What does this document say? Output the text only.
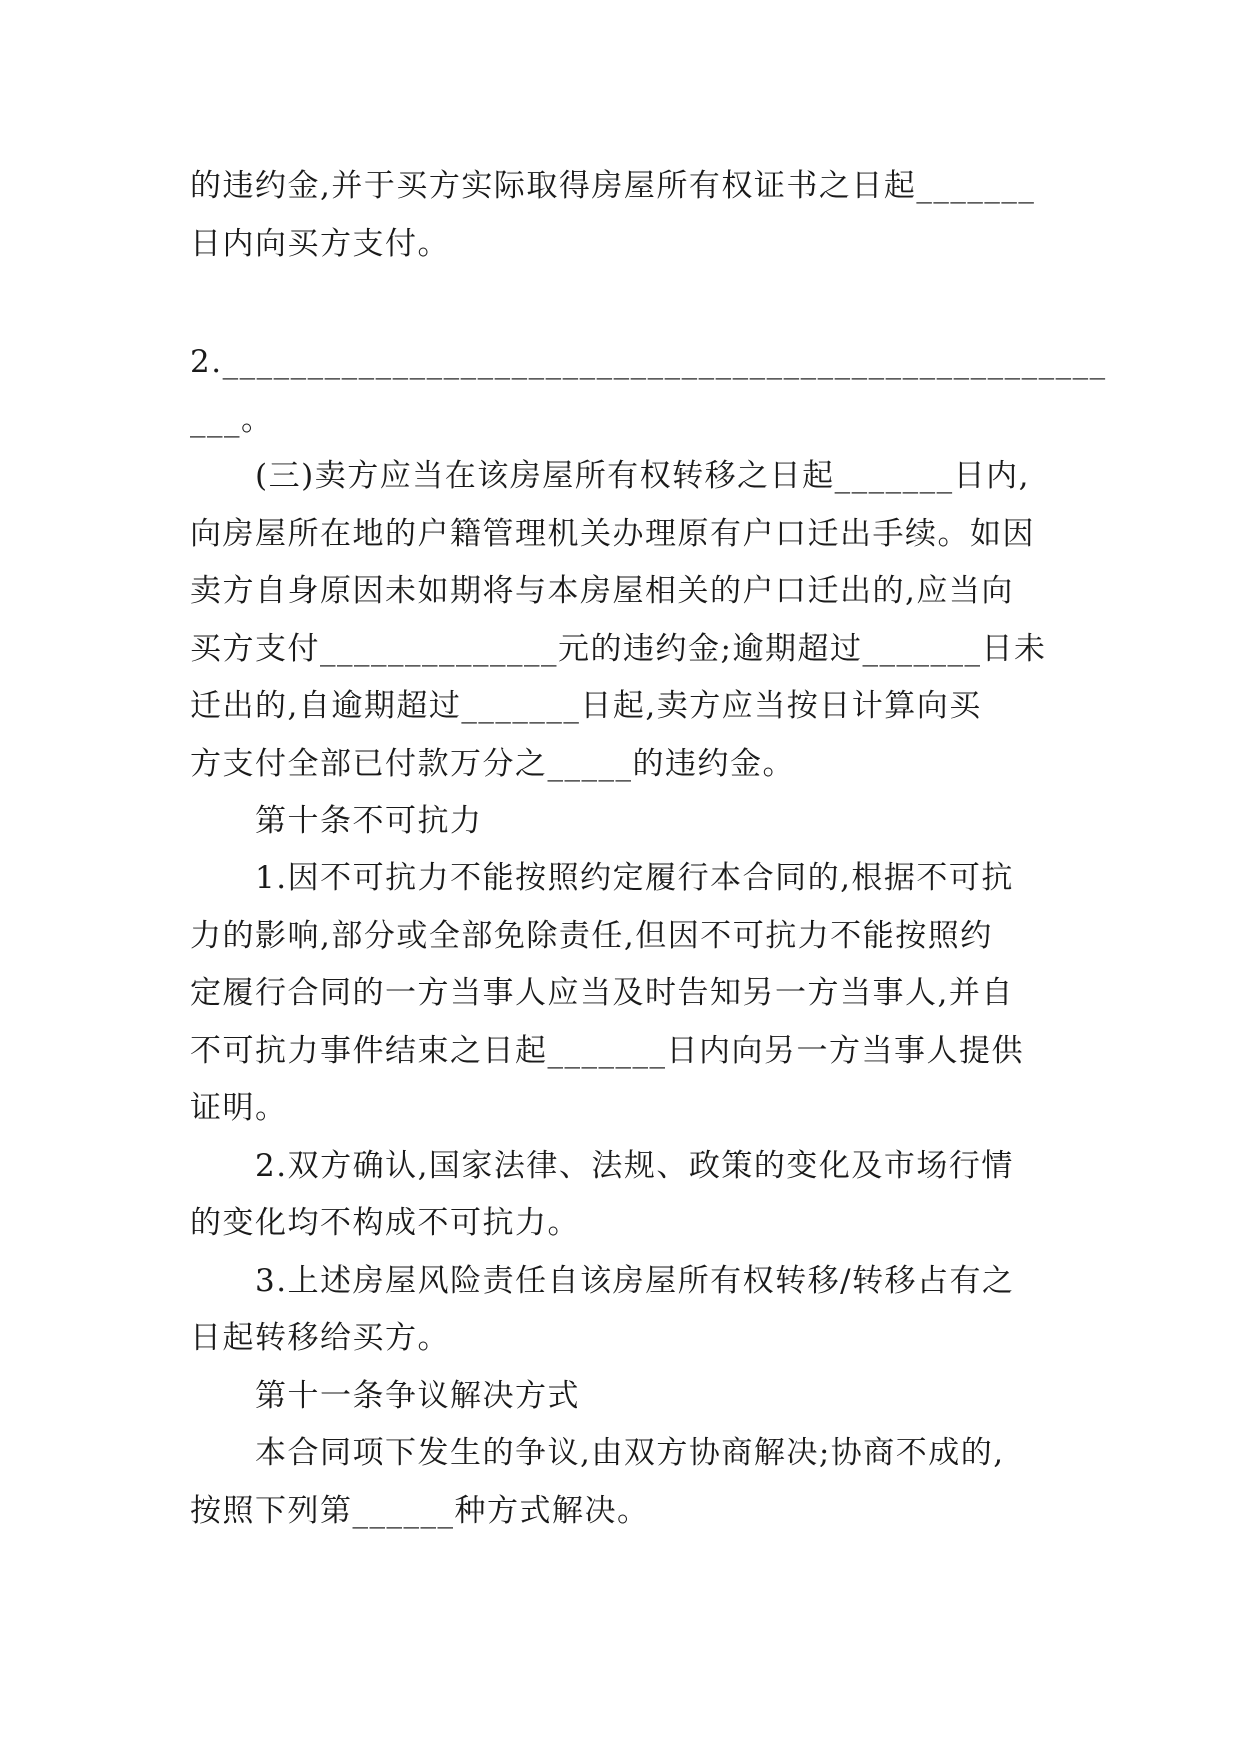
的违约金,并于买方实际取得房屋所有权证书之日起_______
日内向买方支付。
2.____________________________________________________
___。
(三)卖方应当在该房屋所有权转移之日起_______日内,
向房屋所在地的户籍管理机关办理原有户口迁出手续。如因
卖方自身原因未如期将与本房屋相关的户口迁出的,应当向
买方支付______________元的违约金;逾期超过_______日未
迁出的,自逾期超过_______日起,卖方应当按日计算向买
方支付全部已付款万分之_____的违约金。
第十条不可抗力
1.因不可抗力不能按照约定履行本合同的,根据不可抗
力的影响,部分或全部免除责任,但因不可抗力不能按照约
定履行合同的一方当事人应当及时告知另一方当事人,并自
不可抗力事件结束之日起_______日内向另一方当事人提供
证明。
2.双方确认,国家法律、法规、政策的变化及市场行情
的变化均不构成不可抗力。
3.上述房屋风险责任自该房屋所有权转移/转移占有之
日起转移给买方。
第十一条争议解决方式
本合同项下发生的争议,由双方协商解决;协商不成的,
按照下列第______种方式解决。
